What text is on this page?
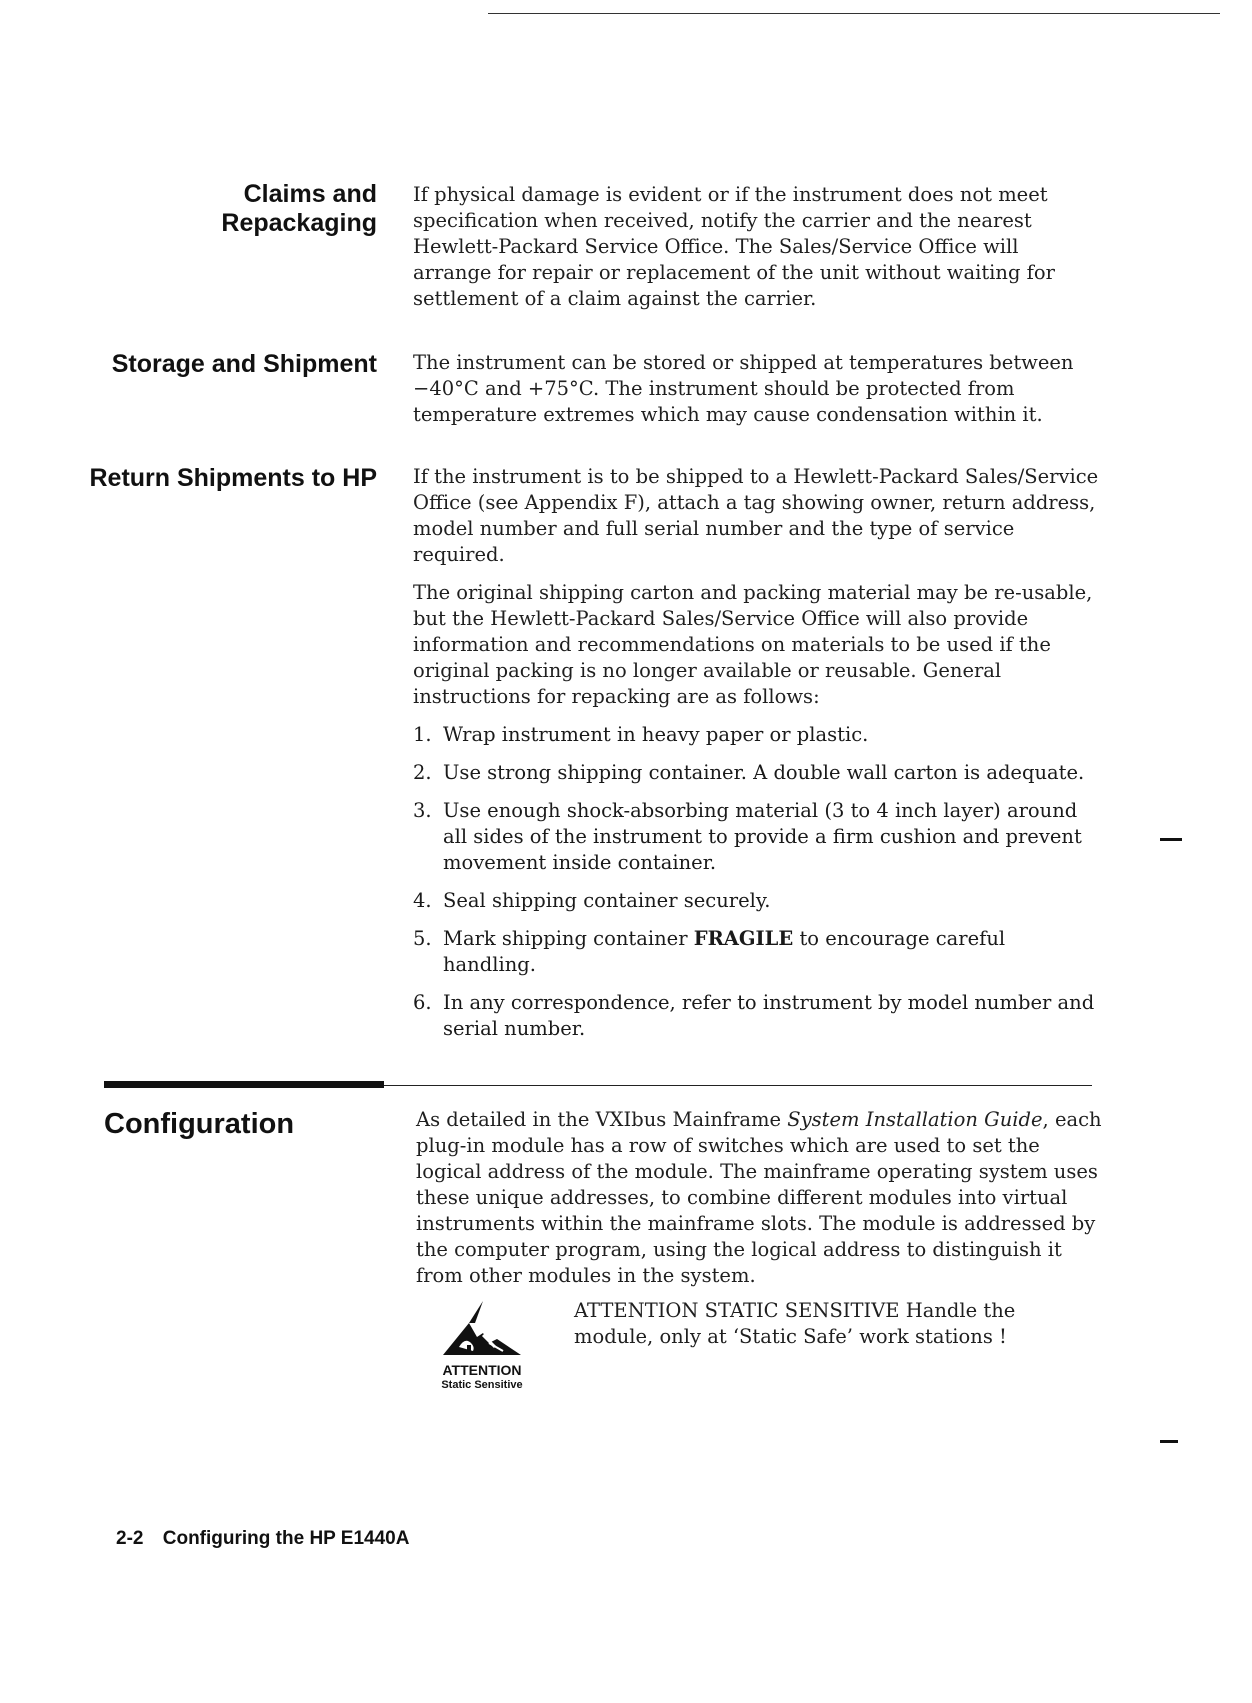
Claims and
Repackaging

If physical damage is evident or if the instrument does not meet specification when received, notify the carrier and the nearest Hewlett-Packard Service Office. The Sales/Service Office will arrange for repair or replacement of the unit without waiting for settlement of a claim against the carrier.

Storage and Shipment The instrument can be stored or shipped at temperatures between −40°C and +75°C. The instrument should be protected from temperature extremes which may cause condensation within it.

Return Shipments to HP If the instrument is to be shipped to a Hewlett-Packard Sales/Service Office (see Appendix F), attach a tag showing owner, return address, model number and full serial number and the type of service required.

The original shipping carton and packing material may be re-usable, but the Hewlett-Packard Sales/Service Office will also provide information and recommendations on materials to be used if the original packing is no longer available or reusable. General instructions for repacking are as follows:

1. Wrap instrument in heavy paper or plastic.
2. Use strong shipping container. A double wall carton is adequate.
3. Use enough shock-absorbing material (3 to 4 inch layer) around all sides of the instrument to provide a firm cushion and prevent movement inside container.
4. Seal shipping container securely.
5. Mark shipping container FRAGILE to encourage careful handling.
6. In any correspondence, refer to instrument by model number and serial number.
Configuration	As detailed in the VXIbus Mainframe System Installation Guide, each plug-in module has a row of switches which are used to set the logical address of the module. The mainframe operating system uses these unique addresses, to combine different modules into virtual instruments within the mainframe slots. The module is addressed by the computer program, using the logical address to distinguish it from other modules in the system.

ATTENTION
Static Sensitive

ATTENTION STATIC SENSITIVE Handle the module, only at ‘Static Safe’ work stations !

2-2 Configuring the HP E1440A
